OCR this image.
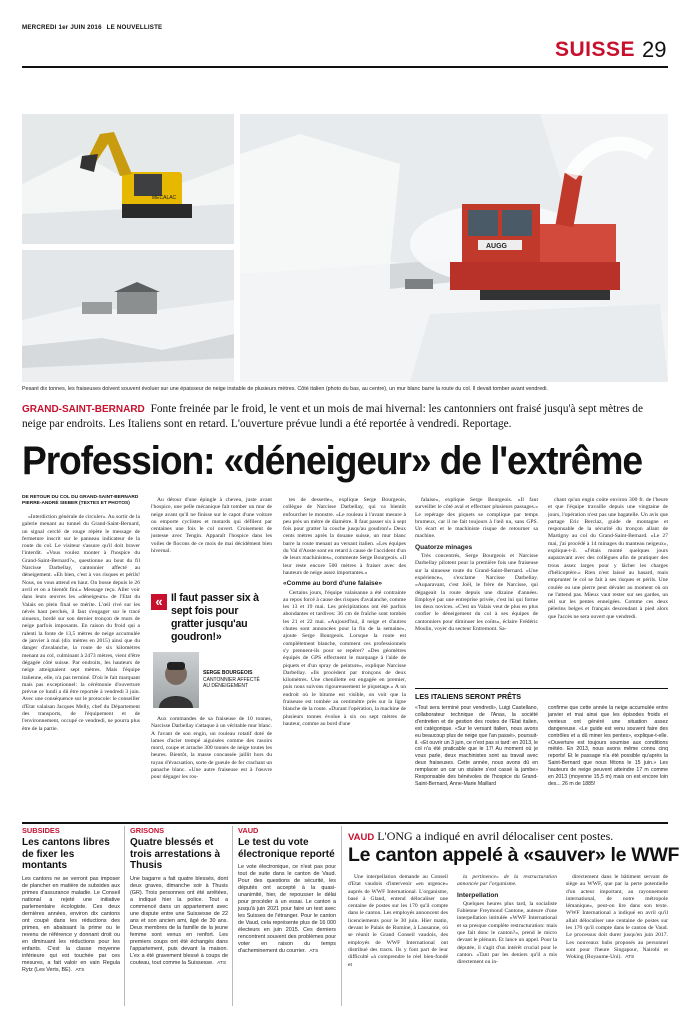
MERCREDI 1er JUIN 2016 LE NOUVELLISTE
SUISSE 29
MECALAC
AUGG
Pesant dix tonnes, les fraiseuses doivent souvent évoluer sur une épaisseur de neige instable de plusieurs mètres. Côté italien (photo du bas, au centre), un mur blanc barre la route du col. Il devait tomber avant vendredi.
GRAND-SAINT-BERNARD Fonte freinée par le froid, le vent et un mois de mai hivernal: les cantonniers ont fraisé jusqu'à sept mètres de neige par endroits. Les Italiens sont en retard. L'ouverture prévue lundi a été reportée à vendredi. Reportage.
Profession: «déneigeur» de l'extrême
DE RETOUR DU COL DU GRAND-SAINT-BERNARD
PIERRE-ANDRÉ SIEBER (TEXTES ET PHOTOS)

«Interdiction générale de circuler». Au sortir de la galerie menant au tunnel du Grand-Saint-Bernard, un signal cerclé de rouge répète le message de fermeture inscrit sur le panneau indicateur de la route du col. Le visiteur s'assure qu'il doit braver l'interdit. «Vous voulez monter à l'hospice du Grand-Saint-Bernard?», questionne au bout du fil Narcisse Darbellay, cantonnier affecté au déneigement. «Eh bien, c'est à vos risques et périls! Nous, on vous attend en haut. On bosse depuis le 26 avril et on a bientôt fini.» Message reçu. Aller voir dans leurs œuvres les «déneigeurs» de l'Etat du Valais en plein final se mérite. L'œil rivé sur les névés haut perchés, il faut s'engager sur le tracé sinueux, bordé sur son dernier tronçon de murs de neige parfois imposants. En raison du froid qui a ralenti la fonte de 13,5 mètres de neige accumulée de janvier à mai (dix mètres en 2015) ainsi que du danger d'avalanche, la route de six kilomètres menant au col, culminant à 2473 mètres, vient d'être dégagée côté suisse. Par endroits, les hauteurs de neige atteignaient sept mètres. Mais l'équipe italienne, elle, n'a pas terminé. D'où le fait marquant mais pas exceptionnel: la cérémonie d'ouverture prévue ce lundi a dû être reportée à vendredi 3 juin. Avec une conséquence sur le protocole: le conseiller d'Etat valaisan Jacques Melly, chef du Département des transports, de l'équipement et de l'environnement, occupé ce vendredi, ne pourra plus être de la partie.

Au détour d'une épingle à cheveu, juste avant l'hospice, une pelle mécanique fait tomber un mur de neige avant qu'il ne finisse sur le capot d'une voiture ou emporte cyclistes et motards qui défilent par centaines une fois le col ouvert. Croisement de justesse avec Tengin. Apparaît l'hospice dans les voiles de flocons de ce mois de mai décidément bien hivernal.

« Il faut passer six à sept fois pour gratter jusqu'au goudron!»
SERGE BOURGEOIS
CANTONNIER AFFECTÉ
AU DÉNEIGEMENT

Aux commandes de sa fraiseuse de 10 tonnes, Narcisse Darbellay s'attaque à un véritable mur blanc. A l'avant de son engin, un rouleau rotatif doté de lames d'acier trempé aiguisées comme des rasoirs mord, coupe et arrache 300 tonnes de neige toutes les heures. Bientôt, la masse concassée jaillit hors du tuyau d'évacuation, sorte de gueule de fer crachant un panache blanc. «Une autre fraiseuse est à l'œuvre pour dégager les ros-

tes de desserte», explique Serge Bourgeois, collègue de Narcisse Darbellay, qui va bientôt enfourcher le monstre. «Le rouleau à l'avant mesure à peu près un mètre de diamètre. Il faut passer six à sept fois pour gratter la couche jusqu'au goudron!» Deux cents mètres après la douane suisse, un mur blanc barre la route menant au versant italien. «Les équipes du Val d'Aoste sont en retard à cause de l'accident d'un de leurs machinistes», commente Serge Bourgeois. «Il leur reste encore 500 mètres à fraiser avec des hauteurs de neige assez importantes.»

«Comme au bord d'une falaise»

Certains jours, l'équipe valaisanne a été contrainte au repos forcé à cause des risques d'avalanche, comme les 13 et 19 mai. Les précipitations ont été parfois abondantes et tardives: 36 cm de fraîche sont tombés les 21 et 22 mai. «Aujourd'hui, il neige et d'autres chutes sont annoncées pour la fin de la semaine», ajoute Serge Bourgeois. Lorsque la route est complètement blanche, comment ces professionnels s'y prennent-ils pour se repérer? «Des géomètres équipés de GPS effectuent le marquage à l'aide de piquets et d'un spray de peinture», explique Narcisse Darbellay. «Ils procèdent par tronçons de deux kilomètres. Une chenillette est engagée en premier, puis nous suivons rigoureusement le piquetage.» A un endroit où le bitume est visible, on voit que la fraiseuse est tombée au centimètre près sur la ligne blanche de la route. «Durant l'opération, la machine de plusieurs tonnes évolue à six ou sept mètres de hauteur, comme au bord d'une

falaise», explique Serge Bourgeois. «Il faut surveiller le côté aval et effectuer plusieurs passages.» Le repérage des piquets se complique par temps brumeux, car il ne fait toujours à l'œil nu, sans GPS. Un écart et le machiniste risque de retourner sa machine.

Quatorze minages

Très concentrés, Serge Bourgeois et Narcisse Darbellay pilotent pour la première fois une fraiseuse sur la sinueuse route du Grand-Saint-Bernard. «Une expérience», s'exclame Narcisse Darbellay. «Auparavant, c'est Joël, le frère de Narcisse, qui dégageait la route depuis une dizaine d'années. Employé par une entreprise privée, c'est lui qui forme les deux novices. «C'est un Valais veut de plus en plus confier le déneigement du col à ses équipes de cantonniers pour diminuer les coûts», éclaire Frédéric Moulin, voyer du secteur Entremont. Sa-

chant qu'un engin coûte environ 300 fr. de l'heure et que l'équipe travaille depuis une vingtaine de jours, l'opération n'est pas une bagatelle. Un avis que partage Eric Berclaz, guide de montagne et responsable de la sécurité du tronçon allant de Martigny au col du Grand-Saint-Bernard. «Le 27 mai, j'ai procédé à 14 minages du manteau neigeux», explique-t-il. «J'étais monté quelques jours auparavant avec des collègues afin de pratiquer des trous assez larges pour y lâcher les charges d'hélicoptère.» Rien n'est laissé au hasard, mais emprunter le col se fait à ses risques et périls. Une coulée ou une pierre peut dévaler au moment où on ne l'attend pas. Mieux vaut rester sur ses gardes, un œil sur les pentes enneigées. Comme ces deux pèlerins belges et français descendant à pied alors que l'accès ne sera ouvert que vendredi.

LES ITALIENS SERONT PRÊTS

«Tout sera terminé pour vendredi», Luigi Castellano, collaborateur technique de l'Anas, la société d'entretien et de gestion des routes de l'Etat italien, est catégorique. «Sur le versant italien, nous avons eu beaucoup plus de neige que l'an passé», poursuit-il. «Et ouvrir un 3 juin, ce n'est pas si tard: en 2013, le col n'a été praticable que le 17! Au moment où je vous parle, deux machinistes sont au travail avec deux fraiseuses. Cette année, nous avons dû en remplacer un car un stulaire s'est cassé la jambe» Responsable des bénévoles de l'hospice du Grand-Saint-Bernard, Anne-Marie Maillard

confirme que cette année la neige accumulée entre janvier et mai ainsi que les épisodes froids et venteux ont généré une situation assez dangereuse. «Le guide est venu souvent faire des contrôles et a dû miner les pentes», explique-t-elle. «Ouverture est toujours soumise aux conditions météo. En 2013, nous avons même connu cinq reports! Et le passage n'a été possible qu'après la Saint-Bernard que nous fêtons le 15 juin.» Les hauteurs de neige peuvent atteindre 17 m comme en 2013 (moyenne 15,5 m) mais on est encore loin des... 26 m de 1885!

SUBSIDES
Les cantons libres de fixer les montants
Les cantons ne se verront pas imposer de plancher en matière de subsides aux primes d'assurance maladie. Le Conseil national a rejeté une initiative parlementaire écologiste. Ces deux dernières années, environ dix cantons ont coupé dans les réductions des primes, en abaissant la prime ou le revenu de référence y donnant droit ou en diminuant les réductions pour les enfants. C'est la classe moyenne inférieure qui est touchée par ces mesures, a fait valoir en vain Regula Rytz (Les Verts, BE). ATS
GRISONS
Quatre blessés et trois arrestations à Thusis
Une bagarre a fait quatre blessés, dont deux graves, dimanche soir à Thusis (GR). Trois personnes ont été arrêtées, a indiqué hier la police. Tout a commencé dans un appartement avec une dispute entre une Suissesse de 22 ans et son ancien ami, âgé de 30 ans. Deux membres de la famille de la jeune femme sont venus en renfort. Les premiers coups ont été échangés dans l'appartement, puis devant la maison. L'ex a été gravement blessé à coups de couteau, tout comme la Suissesse. ATS
VAUD
Le test du vote électronique reporté
Le vote électronique, ce n'est pas pour tout de suite dans le canton de Vaud. Pour des questions de sécurité, les députés ont accepté à la quasi-unanimité, hier, de repousser le délai pour procéder à un essai. Le canton a jusqu'à juin 2021 pour faire un test avec les Suisses de l'étranger. Pour le canton de Vaud, cela représente plus de 16 000 électeurs en juin 2015. Ces derniers rencontrent souvent des problèmes pour voter en raison du temps d'acheminement du courrier. ATS
VAUD L'ONG a indiqué en avril délocaliser cent postes.
Le canton appelé à «sauver» le WWF

Une interpellation demande au Conseil d'Etat vaudois d'intervenir «en urgence» auprès de WWF International. L'organisme, basé à Gland, entend délocaliser une centaine de postes sur les 170 qu'il compte dans le canton. Les employés annoncent des licenciements pour le 30 juin. Hier matin, devant le Palais de Rumine, à Lausanne, où se réunit le Grand Conseil vaudois, des employés de WWF International ont distribué des tracts. Ils y font part de leur difficulté «à comprendre le réel bien-fondé et

la pertinence» de la restructuration annoncée par l'organisme.

Interpellation

Quelques heures plus tard, la socialiste Fabienne Freymond Cantone, auteure d'une interpellation intitulée «WWF International et sa presque complète restructuration: mais que fait donc le canton?», prend le micro devant le plénum. Et lance un appel. Pour la députée, il s'agit d'un intérêt crucial pour le canton. «Tant par les deniers qu'il a mis directement ou in-

directement dans le bâtiment servant de siège au WWF, que par la perte potentielle d'un acteur important, au rayonnement international, de notre métropole lémanique», peut-on lire dans son texte. WWF International a indiqué en avril qu'il allait délocaliser une centaine de postes sur les 170 qu'il compte dans le canton de Vaud. Le processus doit durer jusqu'en juin 2017. Les nouveaux hubs proposés au personnel sont pour l'heure Singapour, Nairobi et Woking (Royaume-Uni). ATS
